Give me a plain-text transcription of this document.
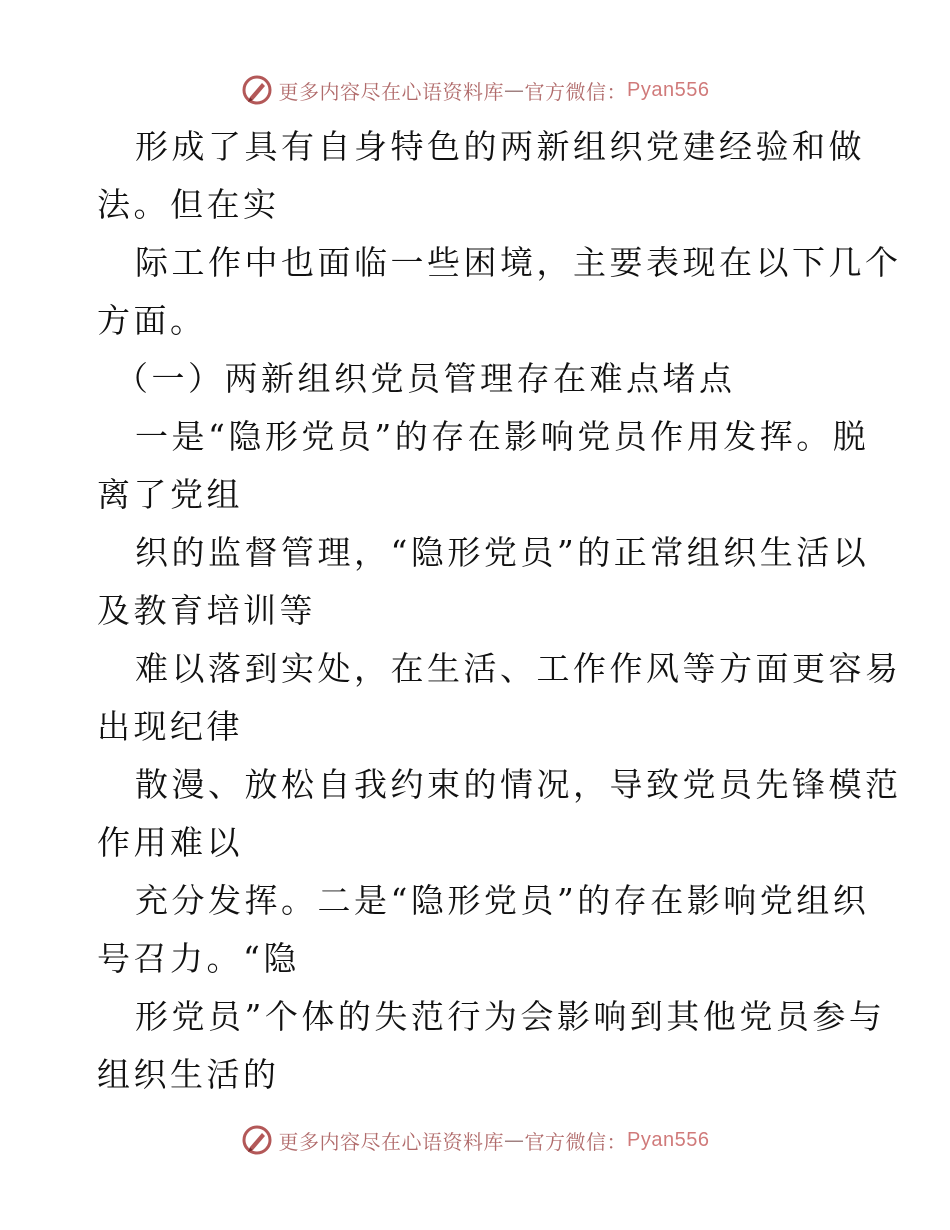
更多内容尽在心语资料库 — 官方微信： Pyan556
形成了具有自身特色的两新组织党建经验和做
法。但在实
际工作中也面临一些困境，主要表现在以下几个
方面。
（一）两新组织党员管理存在难点堵点
一是“隐形党员”的存在影响党员作用发挥。脱
离了党组
织的监督管理，“隐形党员”的正常组织生活以
及教育培训等
难以落到实处，在生活、工作作风等方面更容易
出现纪律
散漫、放松自我约束的情况，导致党员先锋模范
作用难以
充分发挥。二是“隐形党员”的存在影响党组织
号召力。“隐
形党员”个体的失范行为会影响到其他党员参与
组织生活的
更多内容尽在心语资料库 — 官方微信： Pyan556
